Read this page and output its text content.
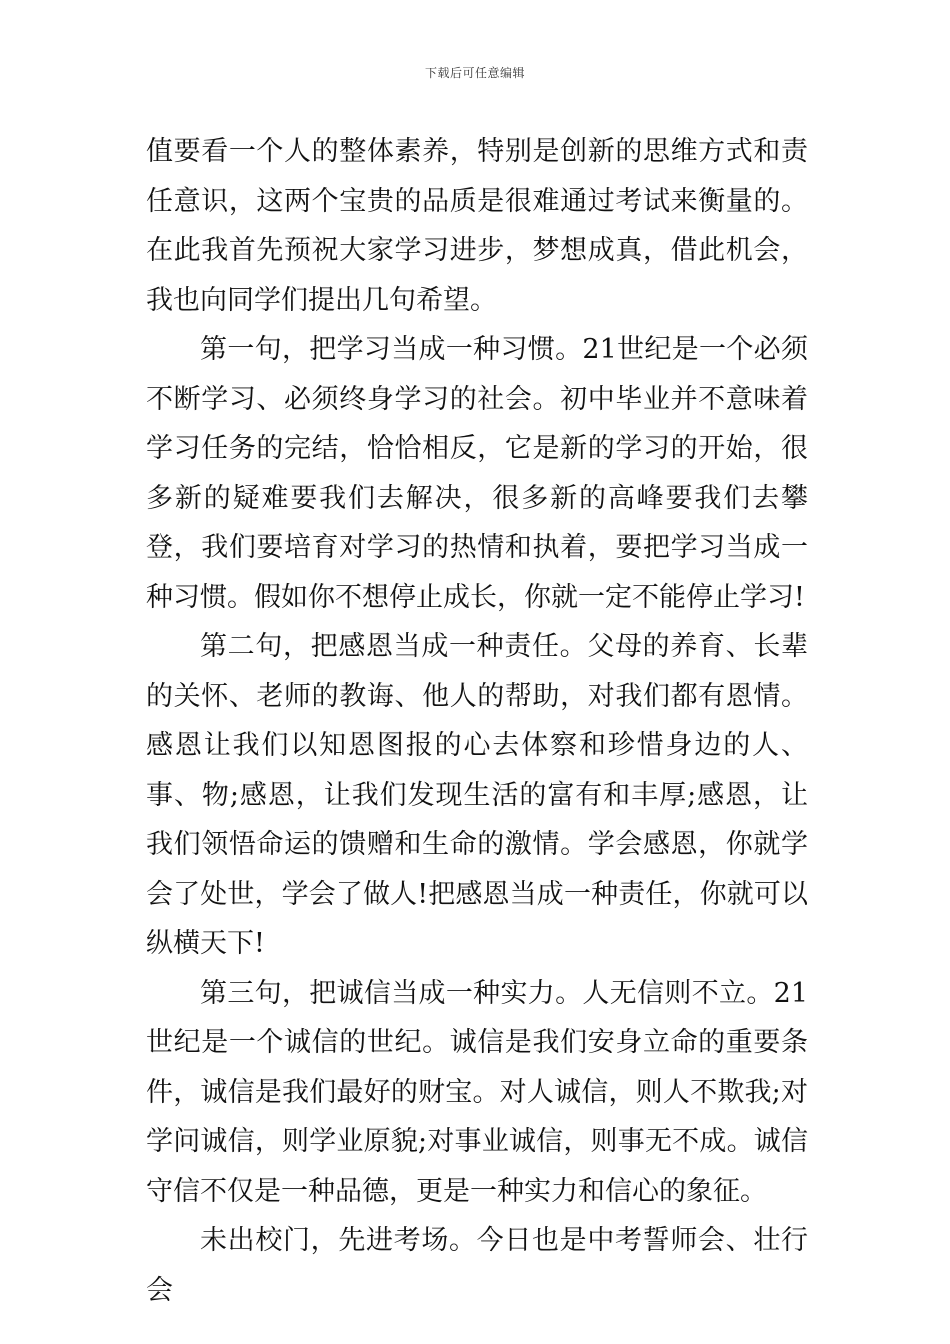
下载后可任意编辑

值要看一个人的整体素养，特别是创新的思维方式和责任意识，这两个宝贵的品质是很难通过考试来衡量的。在此我首先预祝大家学习进步，梦想成真，借此机会，我也向同学们提出几句希望。

第一句，把学习当成一种习惯。21世纪是一个必须不断学习、必须终身学习的社会。初中毕业并不意味着学习任务的完结，恰恰相反，它是新的学习的开始，很多新的疑难要我们去解决，很多新的高峰要我们去攀登，我们要培育对学习的热情和执着，要把学习当成一种习惯。假如你不想停止成长，你就一定不能停止学习!

第二句，把感恩当成一种责任。父母的养育、长辈的关怀、老师的教诲、他人的帮助，对我们都有恩情。感恩让我们以知恩图报的心去体察和珍惜身边的人、事、物;感恩，让我们发现生活的富有和丰厚;感恩，让我们领悟命运的馈赠和生命的激情。学会感恩，你就学会了处世，学会了做人!把感恩当成一种责任，你就可以纵横天下!

第三句，把诚信当成一种实力。人无信则不立。21世纪是一个诚信的世纪。诚信是我们安身立命的重要条件，诚信是我们最好的财宝。对人诚信，则人不欺我;对学问诚信，则学业原貌;对事业诚信，则事无不成。诚信守信不仅是一种品德，更是一种实力和信心的象征。

未出校门，先进考场。今日也是中考誓师会、壮行会
